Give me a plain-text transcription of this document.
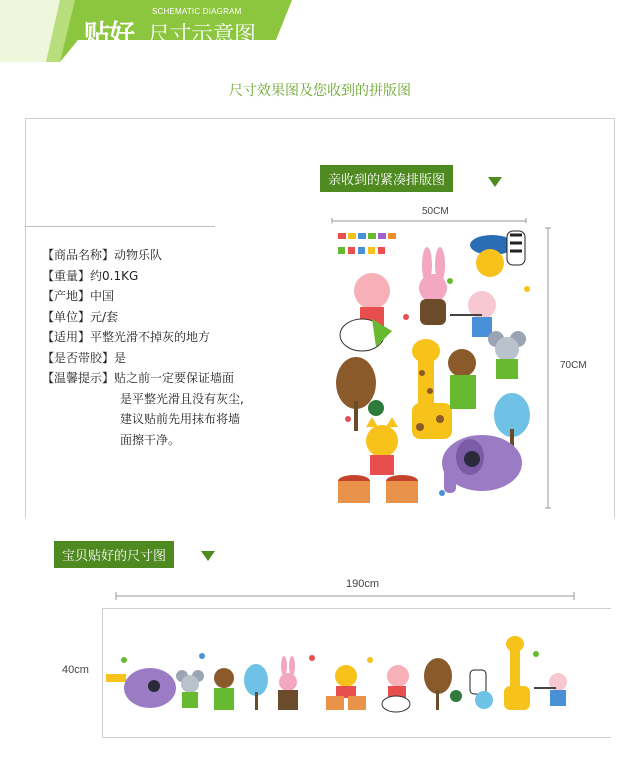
SCHEMATIC DIAGRAM
贴好 尺寸示意图
尺寸效果图及您收到的拼版图
亲收到的紧凑排版图
【商品名称】 动物乐队
【重量】 约0.1KG
【产地】 中国
【单位】 元/套
【适用】 平整光滑不掉灰的地方
【是否带胶】 是
【温馨提示】 贴之前一定要保证墙面
是平整光滑且没有灰尘,
建议贴前先用抹布将墙
面擦干净。
50CM
70CM
宝贝贴好的尺寸图
190cm
40cm
